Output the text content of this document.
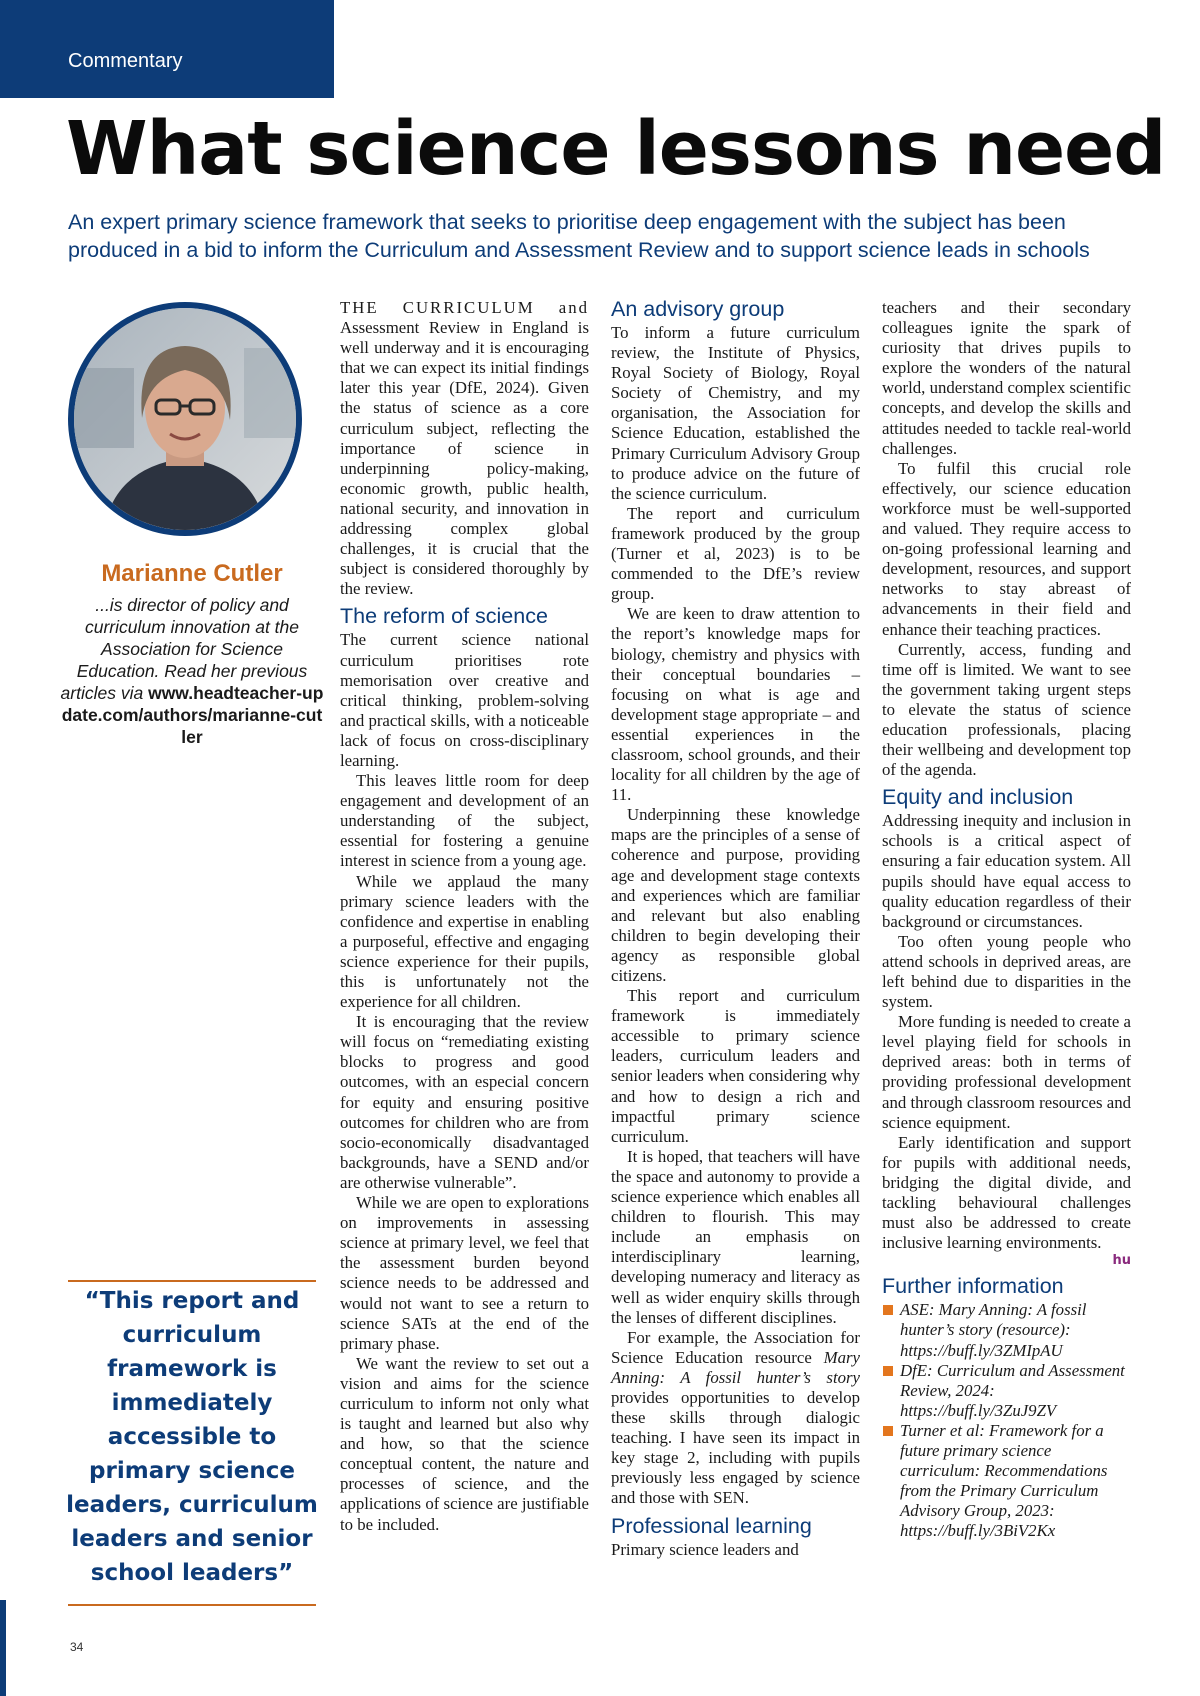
Commentary
What science lessons need

An expert primary science framework that seeks to prioritise deep engagement with the subject has been produced in a bid to inform the Curriculum and Assessment Review and to support science leads in schools

Marianne Cutler
...is director of policy and curriculum innovation at the Association for Science Education. Read her previous articles via www.headteacher-update.com/authors/marianne-cutler
“This report and curriculum framework is immediately accessible to primary science leaders, curriculum leaders and senior school leaders”
34

THE CURRICULUM and Assessment Review in England is well underway and it is encouraging that we can expect its initial findings later this year (DfE, 2024). Given the status of science as a core curriculum subject, reflecting the importance of science in underpinning policy-making, economic growth, public health, national security, and innovation in addressing complex global challenges, it is crucial that the subject is considered thoroughly by the review.

The reform of science

The current science national curriculum prioritises rote memorisation over creative and critical thinking, problem-solving and practical skills, with a noticeable lack of focus on cross-disciplinary learning.

This leaves little room for deep engagement and development of an understanding of the subject, essential for fostering a genuine interest in science from a young age.

While we applaud the many primary science leaders with the confidence and expertise in enabling a purposeful, effective and engaging science experience for their pupils, this is unfortunately not the experience for all children.

It is encouraging that the review will focus on “remediating existing blocks to progress and good outcomes, with an especial concern for equity and ensuring positive outcomes for children who are from socio-economically disadvantaged backgrounds, have a SEND and/or are otherwise vulnerable”.

While we are open to explorations on improvements in assessing science at primary level, we feel that the assessment burden beyond science needs to be addressed and would not want to see a return to science SATs at the end of the primary phase.

We want the review to set out a vision and aims for the science curriculum to inform not only what is taught and learned but also why and how, so that the science conceptual content, the nature and processes of science, and the applications of science are justifiable to be included.

An advisory group

To inform a future curriculum review, the Institute of Physics, Royal Society of Biology, Royal Society of Chemistry, and my organisation, the Association for Science Education, established the Primary Curriculum Advisory Group to produce advice on the future of the science curriculum.

The report and curriculum framework produced by the group (Turner et al, 2023) is to be commended to the DfE’s review group.

We are keen to draw attention to the report’s knowledge maps for biology, chemistry and physics with their conceptual boundaries – focusing on what is age and development stage appropriate – and essential experiences in the classroom, school grounds, and their locality for all children by the age of 11.

Underpinning these knowledge maps are the principles of a sense of coherence and purpose, providing age and development stage contexts and experiences which are familiar and relevant but also enabling children to begin developing their agency as responsible global citizens.

This report and curriculum framework is immediately accessible to primary science leaders, curriculum leaders and senior leaders when considering why and how to design a rich and impactful primary science curriculum.

It is hoped, that teachers will have the space and autonomy to provide a science experience which enables all children to flourish. This may include an emphasis on interdisciplinary learning, developing numeracy and literacy as well as wider enquiry skills through the lenses of different disciplines.

For example, the Association for Science Education resource Mary Anning: A fossil hunter’s story provides opportunities to develop these skills through dialogic teaching. I have seen its impact in key stage 2, including with pupils previously less engaged by science and those with SEN.

Professional learning

Primary science leaders and

teachers and their secondary colleagues ignite the spark of curiosity that drives pupils to explore the wonders of the natural world, understand complex scientific concepts, and develop the skills and attitudes needed to tackle real-world challenges.

To fulfil this crucial role effectively, our science education workforce must be well-supported and valued. They require access to on-going professional learning and development, resources, and support networks to stay abreast of advancements in their field and enhance their teaching practices.

Currently, access, funding and time off is limited. We want to see the government taking urgent steps to elevate the status of science education professionals, placing their wellbeing and development top of the agenda.

Equity and inclusion

Addressing inequity and inclusion in schools is a critical aspect of ensuring a fair education system. All pupils should have equal access to quality education regardless of their background or circumstances.

Too often young people who attend schools in deprived areas, are left behind due to disparities in the system.

More funding is needed to create a level playing field for schools in deprived areas: both in terms of providing professional development and through classroom resources and science equipment.

Early identification and support for pupils with additional needs, bridging the digital divide, and tackling behavioural challenges must also be addressed to create inclusive learning environments.

hu
Further information
ASE: Mary Anning: A fossil hunter’s story (resource): https://buff.ly/3ZMIpAU
DfE: Curriculum and Assessment Review, 2024: https://buff.ly/3ZuJ9ZV
Turner et al: Framework for a future primary science curriculum: Recommendations from the Primary Curriculum Advisory Group, 2023: https://buff.ly/3BiV2Kx
